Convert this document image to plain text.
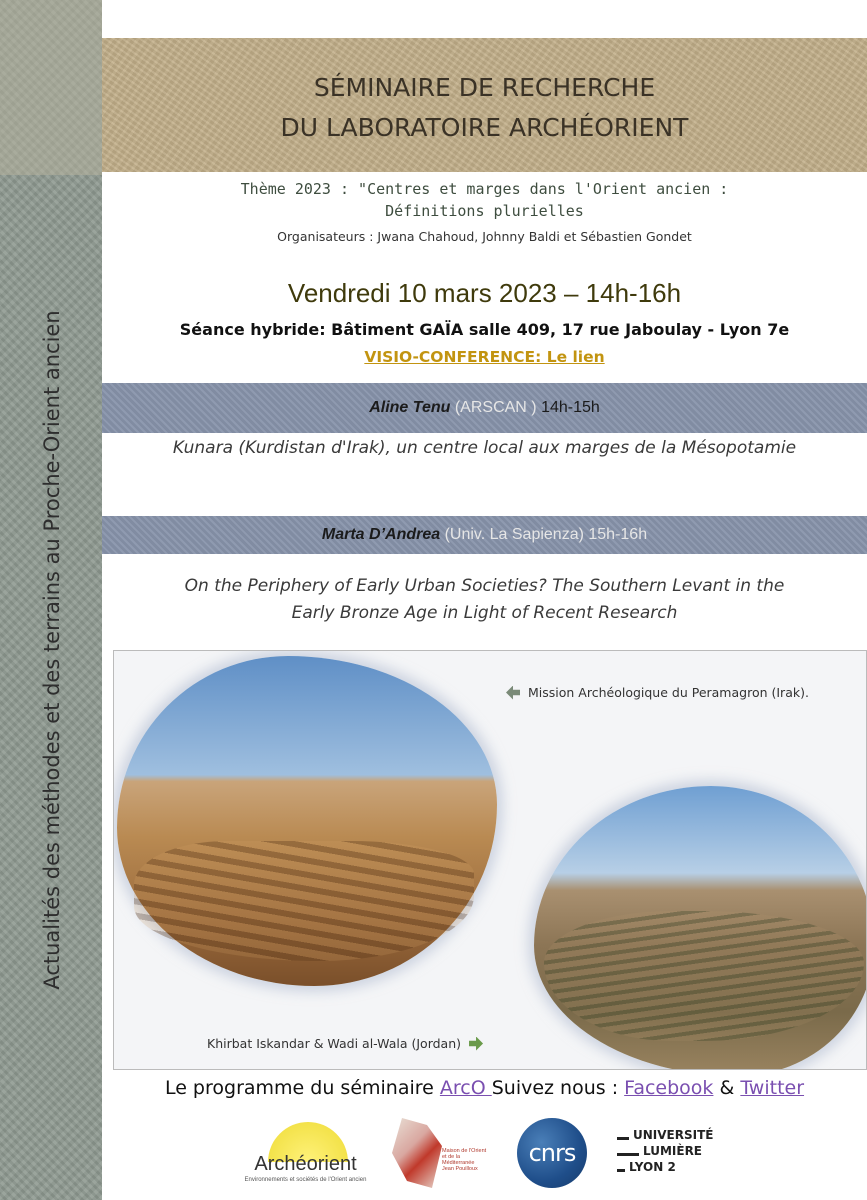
Actualités des méthodes et des terrains au Proche-Orient ancien
SÉMINAIRE DE RECHERCHE
DU LABORATOIRE ARCHÉORIENT
Thème 2023 : "Centres et marges dans l'Orient ancien :
Définitions plurielles
Organisateurs : Jwana Chahoud, Johnny Baldi et Sébastien Gondet
Vendredi 10 mars 2023 – 14h-16h
Séance hybride: Bâtiment GAÏA salle 409, 17 rue Jaboulay - Lyon 7e
VISIO-CONFERENCE: Le lien
Aline Tenu (ARSCAN ) 14h-15h
Kunara (Kurdistan d'Irak), un centre local aux marges de la Mésopotamie
Marta D’Andrea (Univ. La Sapienza) 15h-16h
On the Periphery of Early Urban Societies? The Southern Levant in the
Early Bronze Age in Light of Recent Research
Mission Archéologique du Peramagron (Irak).
Khirbat Iskandar & Wadi al-Wala (Jordan)
Le programme du séminaire ArcO Suivez nous : Facebook & Twitter
Archéorient
Environnements et sociétés de l'Orient ancien
Maison de l'Orient et de la Méditerranée Jean Pouilloux
cnrs
UNIVERSITÉ
LUMIÈRE
LYON 2
